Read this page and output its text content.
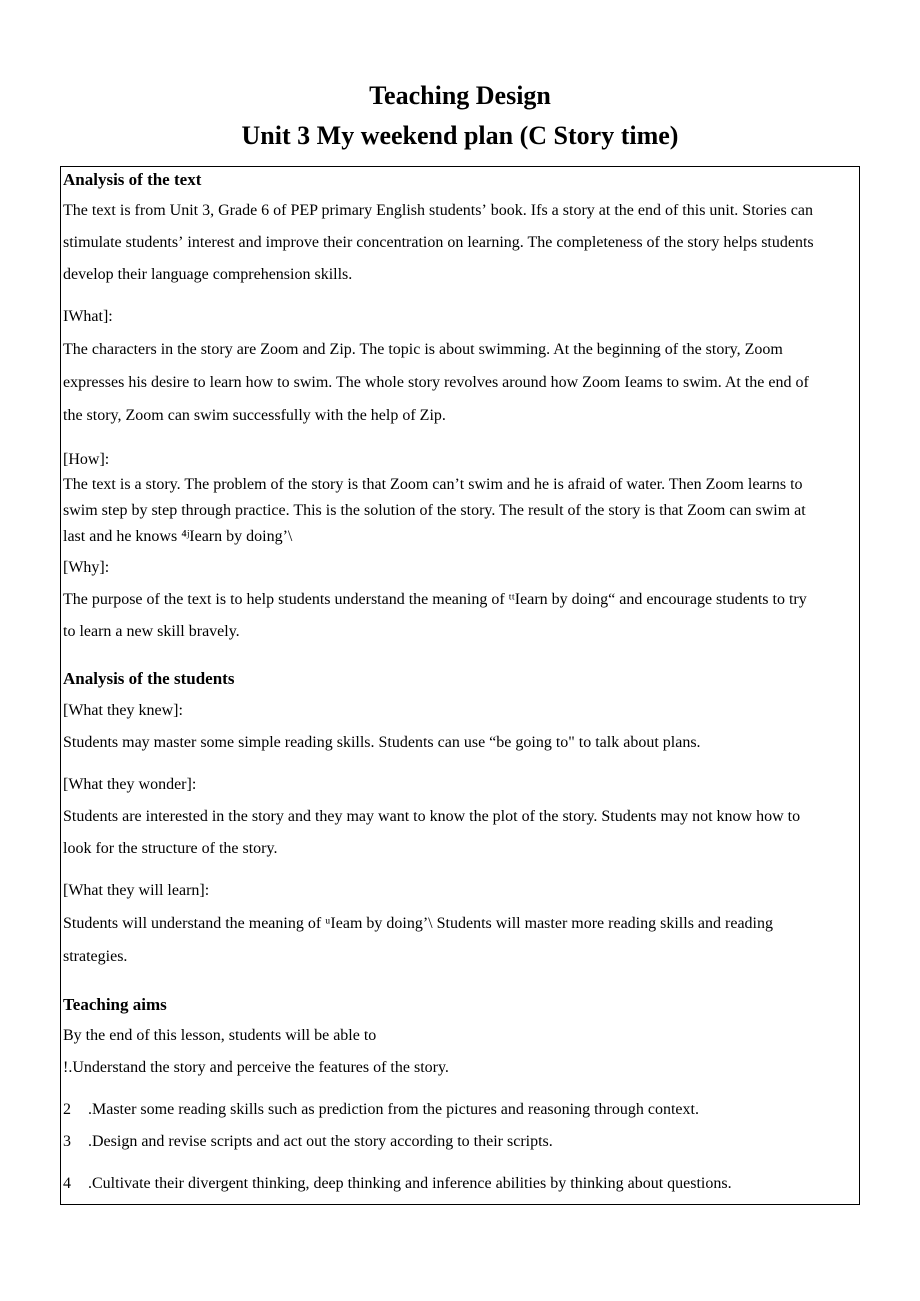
Teaching Design
Unit 3 My weekend plan (C Story time)
Analysis of the text
The text is from Unit 3, Grade 6 of PEP primary English studentsʼ book. Ifs a story at the end of this unit. Stories can
stimulate studentsʼ interest and improve their concentration on learning. The completeness of the story helps students
develop their language comprehension skills.
IWhat]:
The characters in the story are Zoom and Zip. The topic is about swimming. At the beginning of the story, Zoom
expresses his desire to learn how to swim. The whole story revolves around how Zoom Ieams to swim. At the end of
the story, Zoom can swim successfully with the help of Zip.
[How]:
The text is a story. The problem of the story is that Zoom canʼt swim and he is afraid of water. Then Zoom learns to
swim step by step through practice. This is the solution of the story. The result of the story is that Zoom can swim at
last and he knows ⁴ʲIearn by doingʼ\
[Why]:
The purpose of the text is to help students understand the meaning of ᵗᵗIearn by doing“ and encourage students to try
to learn a new skill bravely.
Analysis of the students
[What they knew]:
Students may master some simple reading skills. Students can use “be going to" to talk about plans.
[What they wonder]:
Students are interested in the story and they may want to know the plot of the story. Students may not know how to
look for the structure of the story.
[What they will learn]:
Students will understand the meaning of ᵘIeam by doingʼ\ Students will master more reading skills and reading
strategies.
Teaching aims
By the end of this lesson, students will be able to
!.Understand the story and perceive the features of the story.
2 .Master some reading skills such as prediction from the pictures and reasoning through context.
3 .Design and revise scripts and act out the story according to their scripts.
4 .Cultivate their divergent thinking, deep thinking and inference abilities by thinking about questions.
